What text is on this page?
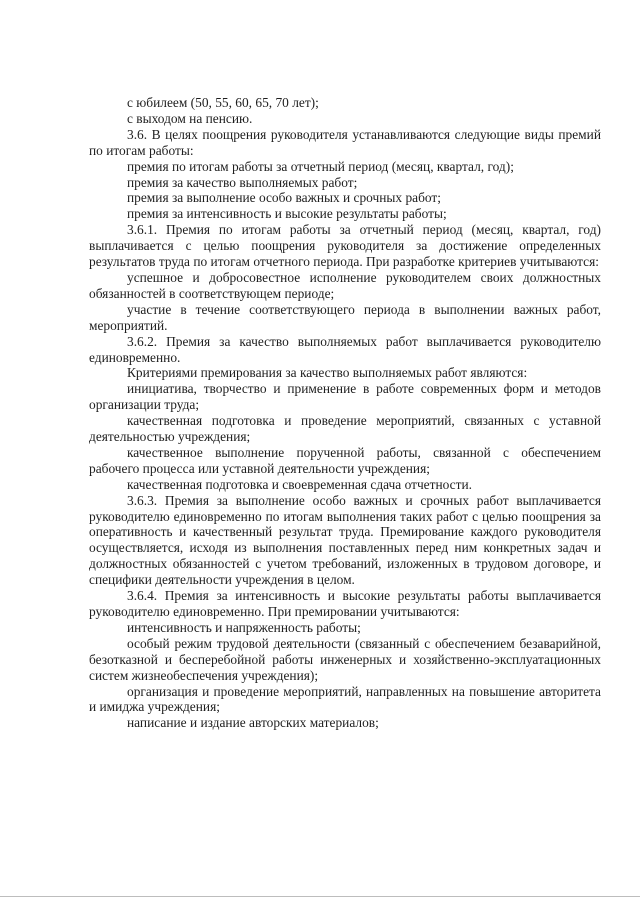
с юбилеем (50, 55, 60, 65, 70 лет);

с выходом на пенсию.

3.6. В целях поощрения руководителя устанавливаются следующие виды премий по итогам работы:

премия по итогам работы за отчетный период (месяц, квартал, год);

премия за качество выполняемых работ;

премия за выполнение особо важных и срочных работ;

премия за интенсивность и высокие результаты работы;

3.6.1. Премия по итогам работы за отчетный период (месяц, квартал, год) выплачивается с целью поощрения руководителя за достижение определенных результатов труда по итогам отчетного периода. При разработке критериев учитываются:

успешное и добросовестное исполнение руководителем своих должностных обязанностей в соответствующем периоде;

участие в течение соответствующего периода в выполнении важных работ, мероприятий.

3.6.2. Премия за качество выполняемых работ выплачивается руководителю единовременно.

Критериями премирования за качество выполняемых работ являются:

инициатива, творчество и применение в работе современных форм и методов организации труда;

качественная подготовка и проведение мероприятий, связанных с уставной деятельностью учреждения;

качественное выполнение порученной работы, связанной с обеспечением рабочего процесса или уставной деятельности учреждения;

качественная подготовка и своевременная сдача отчетности.

3.6.3. Премия за выполнение особо важных и срочных работ выплачивается руководителю единовременно по итогам выполнения таких работ с целью поощрения за оперативность и качественный результат труда. Премирование каждого руководителя осуществляется, исходя из выполнения поставленных перед ним конкретных задач и должностных обязанностей с учетом требований, изложенных в трудовом договоре, и специфики деятельности учреждения в целом.

3.6.4. Премия за интенсивность и высокие результаты работы выплачивается руководителю единовременно. При премировании учитываются:

интенсивность и напряженность работы;

особый режим трудовой деятельности (связанный с обеспечением безаварийной, безотказной и бесперебойной работы инженерных и хозяйственно-эксплуатационных систем жизнеобеспечения учреждения);

организация и проведение мероприятий, направленных на повышение авторитета и имиджа учреждения;

написание и издание авторских материалов;
